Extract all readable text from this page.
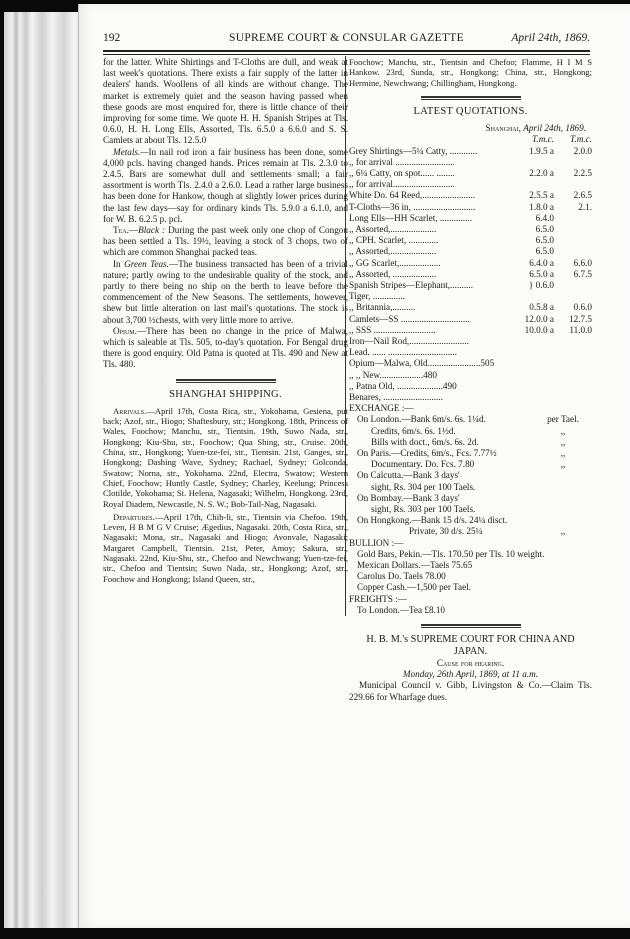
192	SUPREME COURT & CONSULAR GAZETTE	April 24th, 1869.

for the latter. White Shirtings and T-Cloths are dull, and weak at last week's quotations. There exists a fair supply of the latter in dealers' hands. Woollens of all kinds are without change. The market is extremely quiet and the season having passed when these goods are most enquired for, there is little chance of their improving for some time. We quote H. H. Spanish Stripes at Tls. 0.6.0, H. H. Long Ells, Assorted, Tls. 6.5.0 a 6.6.0 and S. S. Camlets at about Tls. 12.5.0

Metals.—In nail rod iron a fair business has been done, some 4,000 pcls. having changed hands. Prices remain at Tls. 2.3.0 to 2.4.5. Bars are somewhat dull and settlements small; a fair assortment is worth Tls. 2.4.0 a 2.6.0. Lead a rather large business has been done for Hankow, though at slightly lower prices during the last few days—say for ordinary kinds Tls. 5.9.0 a 6.1.0, and for W. B. 6.2.5 p. pcl.

Tea.—Black : During the past week only one chop of Congou has been settled a Tls. 19½, leaving a stock of 3 chops, two of which are common Shanghai packed teas.

In Green Teas.—The business transacted has been of a trivial nature; partly owing to the undesirable quality of the stock, and partly to there being no ship on the berth to leave before the commencement of the New Seasons. The settlements, however, shew but little alteration on last mail's quotations. The stock is about 3,700 ½chests, with very little more to arrive.

Opium.—There has been no change in the price of Malwa, which is saleable at Tls. 505, to-day's quotation. For Bengal drug there is good enquiry. Old Patna is quoted at Tls. 490 and New at Tls. 480.

SHANGHAI SHIPPING.

Arrivals.—April 17th, Costa Rica, str., Yokohama, Gesiena, put back; Azof, str., Hiogo; Shaftesbury, str.; Hongkong. 18th, Princess of Wales, Foochow; Manchu, str., Tientsin. 19th, Suwo Nada, str., Hongkong; Kiu-Shu, str., Foochow; Qua Shing, str., Cruise. 20th, China, str., Hongkong; Yuen-tze-fei, str., Tientsin. 21st, Ganges, str., Hongkong; Dashing Wave, Sydney; Rachael, Sydney; Golconda, Swatow; Norna, str., Yokohama. 22nd, Electra, Swatow; Western Chief, Foochow; Huntly Castle, Sydney; Charley, Keelung; Princess Clotilde, Yokohama; St. Helena, Nagasaki; Wilhelm, Hongkong. 23rd, Royal Diadem, Newcastle, N. S. W.; Bob-Tail-Nag, Nagasaki.

Departures.—April 17th, Chih-li, str., Tientsin via Chefoo. 19th, Leven, H B M G V Cruise; Ægedius, Nagasaki. 20th, Costa Rica, str., Nagasaki; Mona, str., Nagasaki and Hiogo; Avonvale, Nagasaki; Margaret Campbell, Tientsin. 21st, Peter, Amoy; Sakura, str., Nagasaki. 22nd, Kiu-Shu, str., Chefoo and Newchwang; Yuen-tze-fei, str., Chefoo and Tientsin; Suwo Nada, str., Hongkong; Azof, str., Foochow and Hongkong; Island Queen, str.,

Foochow; Manchu, str., Tientsin and Chefoo; Flamme, H I M S Hankow. 23rd, Sunda, str., Hongkong; China, str., Hongkong; Hermine, Newchwang; Chillingham, Hongkong.

LATEST QUOTATIONS.
Shanghai, April 24th, 1869.
T.m.c.	T.m.c.
Grey Shirtings—5¼ Catty, ............	1.9.5 a	2.0.0
,, for arrival ..........................
,, 6¼ Catty, on spot...... ........	2.2.0 a	2.2.5
,, for arrival...........................
White Do. 64 Reed,.......................	2.5.5 a	2.6.5
T-Cloths—36 in, ...........................	1.8.0 a	2.1.
Long Ells—HH Scarlet, ..............	6.4.0
,, Assorted,....................	6.5.0
,, CPH. Scarlet, .............	6.5.0
,, Assorted,....................	6.5.0
,, GG Scarlet,..................	6.4.0 a	6.6.0
,, Assorted, ...................	6.5.0 a	6.7.5
Spanish Stripes—Elephant,..........	} 0.6.0
Tiger, ..............
,, Britannia,..........	0.5.8 a	0.6.0
Camlets—SS ..............................	12.0.0 a	12.7.5
,, SSS ...........................	10.0.0 a	11.0.0
Iron—Nail Rod,..........................
Lead. ...... ..............................
Opium—Malwa, Old.......................505
,, ,, New...................480
,, Patna Old, ....................490
Benares, ..........................
EXCHANGE :—
On London.—Bank 6m/s. 6s. 1¼d.	per Tael.
Credits, 6m/s. 6s. 1½d.	,,
Bills with doct., 6m/s. 6s. 2d.	,,
On Paris.—Credits, 6m/s., Fcs. 7.77½	,,
Documentary. Do. Fcs. 7.80	,,
On Calcutta.—Bank 3 days'
sight, Rs. 304 per 100 Taels.
On Bombay.—Bank 3 days'
sight, Rs. 303 per 100 Taels.
On Hongkong.—Bank 15 d/s. 24¼ disct.
Private, 30 d/s. 25¼	,,
BULLION :—
Gold Bars, Pekin.—Tls. 170.50 per Tls. 10 weight.
Mexican Dollars.—Taels 75.65
Carolus Do. Taels 78.00
Copper Cash.—1,500 per Tael.
FREIGHTS :—
To London.—Tea £8.10
H. B. M.'s SUPREME COURT FOR CHINA AND JAPAN.
Cause for hearing.
Monday, 26th April, 1869, at 11 a.m.

Municipal Council v. Gibb, Livingston & Co.—Claim Tls. 229.66 for Wharfage dues.
